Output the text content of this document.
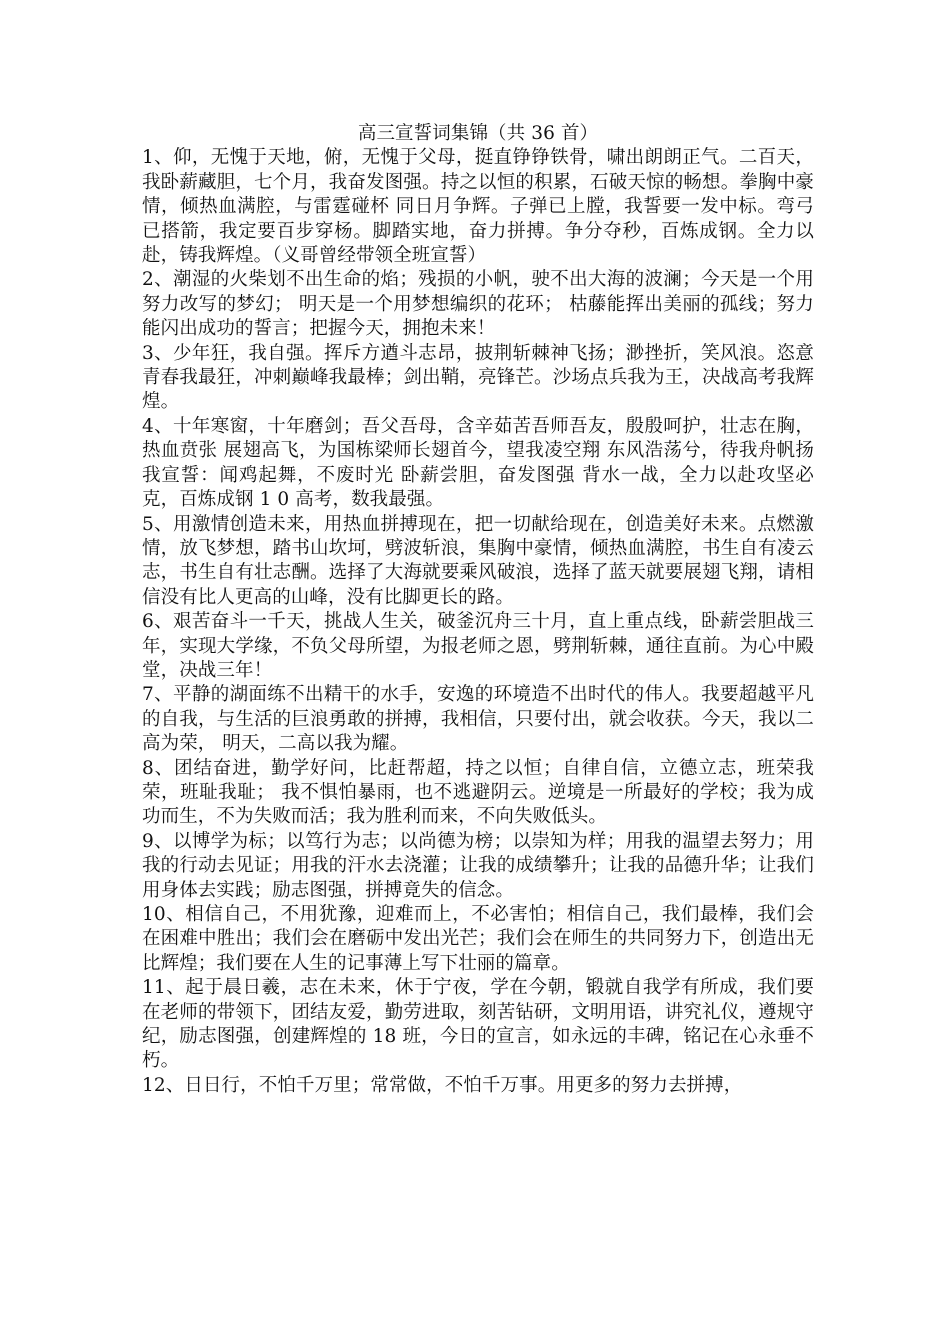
高三宣誓词集锦（共 36 首）

1、仰，无愧于天地，俯，无愧于父母，挺直铮铮铁骨，啸出朗朗正气。二百天，我卧薪藏胆，七个月，我奋发图强。持之以恒的积累，石破天惊的畅想。拳胸中豪情，倾热血满腔，与雷霆碰杯 同日月争辉。子弹已上膛，我誓要一发中标。弯弓已搭箭，我定要百步穿杨。脚踏实地，奋力拼搏。争分夺秒，百炼成钢。全力以赴，铸我辉煌。（义哥曾经带领全班宣誓）

2、潮湿的火柴划不出生命的焰；残损的小帆，驶不出大海的波澜；今天是一个用努力改写的梦幻； 明天是一个用梦想编织的花环； 枯藤能挥出美丽的孤线；努力能闪出成功的誓言；把握今天，拥抱未来！

3、少年狂，我自强。挥斥方遒斗志昂，披荆斩棘神飞扬；渺挫折，笑风浪。恣意青春我最狂，冲刺巅峰我最棒；剑出鞘，亮锋芒。沙场点兵我为王，决战高考我辉煌。

4、十年寒窗，十年磨剑；吾父吾母，含辛茹苦吾师吾友，殷殷呵护，壮志在胸，热血贲张 展翅高飞，为国栋梁师长翅首今，望我凌空翔 东风浩荡兮，待我舟帆扬 我宣誓：闻鸡起舞，不废时光 卧薪尝胆，奋发图强 背水一战，全力以赴攻坚必克，百炼成钢 1 0 高考，数我最强。

5、用激情创造未来，用热血拼搏现在，把一切献给现在，创造美好未来。点燃激情，放飞梦想，踏书山坎坷，劈波斩浪，集胸中豪情，倾热血满腔，书生自有凌云志，书生自有壮志酬。选择了大海就要乘风破浪，选择了蓝天就要展翅飞翔，请相信没有比人更高的山峰，没有比脚更长的路。

6、艰苦奋斗一千天，挑战人生关，破釜沉舟三十月，直上重点线，卧薪尝胆战三年，实现大学缘，不负父母所望，为报老师之恩，劈荆斩棘，通往直前。为心中殿堂，决战三年！

7、平静的湖面练不出精干的水手，安逸的环境造不出时代的伟人。我要超越平凡的自我，与生活的巨浪勇敢的拼搏，我相信，只要付出，就会收获。今天，我以二高为荣， 明天，二高以我为耀。

8、团结奋进，勤学好问，比赶帮超，持之以恒；自律自信，立德立志，班荣我荣，班耻我耻； 我不惧怕暴雨，也不逃避阴云。逆境是一所最好的学校；我为成功而生，不为失败而活；我为胜利而来，不向失败低头。

9、以博学为标；以笃行为志；以尚德为榜；以崇知为样；用我的温望去努力；用我的行动去见证；用我的汗水去浇灌；让我的成绩攀升；让我的品德升华；让我们用身体去实践；励志图强，拼搏竟失的信念。

10、相信自己，不用犹豫，迎难而上，不必害怕；相信自己，我们最棒，我们会在困难中胜出；我们会在磨砺中发出光芒；我们会在师生的共同努力下，创造出无比辉煌；我们要在人生的记事薄上写下壮丽的篇章。

11、起于晨日羲，志在未来，休于宁夜，学在今朝，锻就自我学有所成，我们要在老师的带领下，团结友爱，勤劳进取，刻苦钻研，文明用语，讲究礼仪，遵规守纪，励志图强，创建辉煌的 18 班，今日的宣言，如永远的丰碑，铭记在心永垂不朽。

12、日日行，不怕千万里；常常做，不怕千万事。用更多的努力去拼搏，
